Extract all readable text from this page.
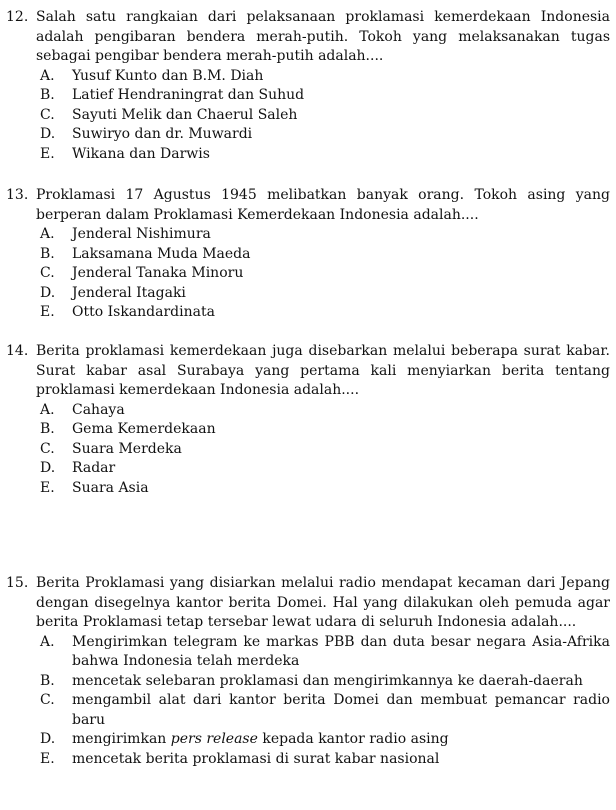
12. Salah satu rangkaian dari pelaksanaan proklamasi kemerdekaan Indonesia adalah pengibaran bendera merah-putih. Tokoh yang melaksanakan tugas sebagai pengibar bendera merah-putih adalah....
A. Yusuf Kunto dan B.M. Diah
B. Latief Hendraningrat dan Suhud
C. Sayuti Melik dan Chaerul Saleh
D. Suwiryo dan dr. Muwardi
E. Wikana dan Darwis
13. Proklamasi 17 Agustus 1945 melibatkan banyak orang. Tokoh asing yang berperan dalam Proklamasi Kemerdekaan Indonesia adalah....
A. Jenderal Nishimura
B. Laksamana Muda Maeda
C. Jenderal Tanaka Minoru
D. Jenderal Itagaki
E. Otto Iskandardinata
14. Berita proklamasi kemerdekaan juga disebarkan melalui beberapa surat kabar. Surat kabar asal Surabaya yang pertama kali menyiarkan berita tentang proklamasi kemerdekaan Indonesia adalah....
A. Cahaya
B. Gema Kemerdekaan
C. Suara Merdeka
D. Radar
E. Suara Asia
15. Berita Proklamasi yang disiarkan melalui radio mendapat kecaman dari Jepang dengan disegelnya kantor berita Domei. Hal yang dilakukan oleh pemuda agar berita Proklamasi tetap tersebar lewat udara di seluruh Indonesia adalah....
A. Mengirimkan telegram ke markas PBB dan duta besar negara Asia-Afrika bahwa Indonesia telah merdeka
B. mencetak selebaran proklamasi dan mengirimkannya ke daerah-daerah
C. mengambil alat dari kantor berita Domei dan membuat pemancar radio baru
D. mengirimkan pers release kepada kantor radio asing
E. mencetak berita proklamasi di surat kabar nasional
